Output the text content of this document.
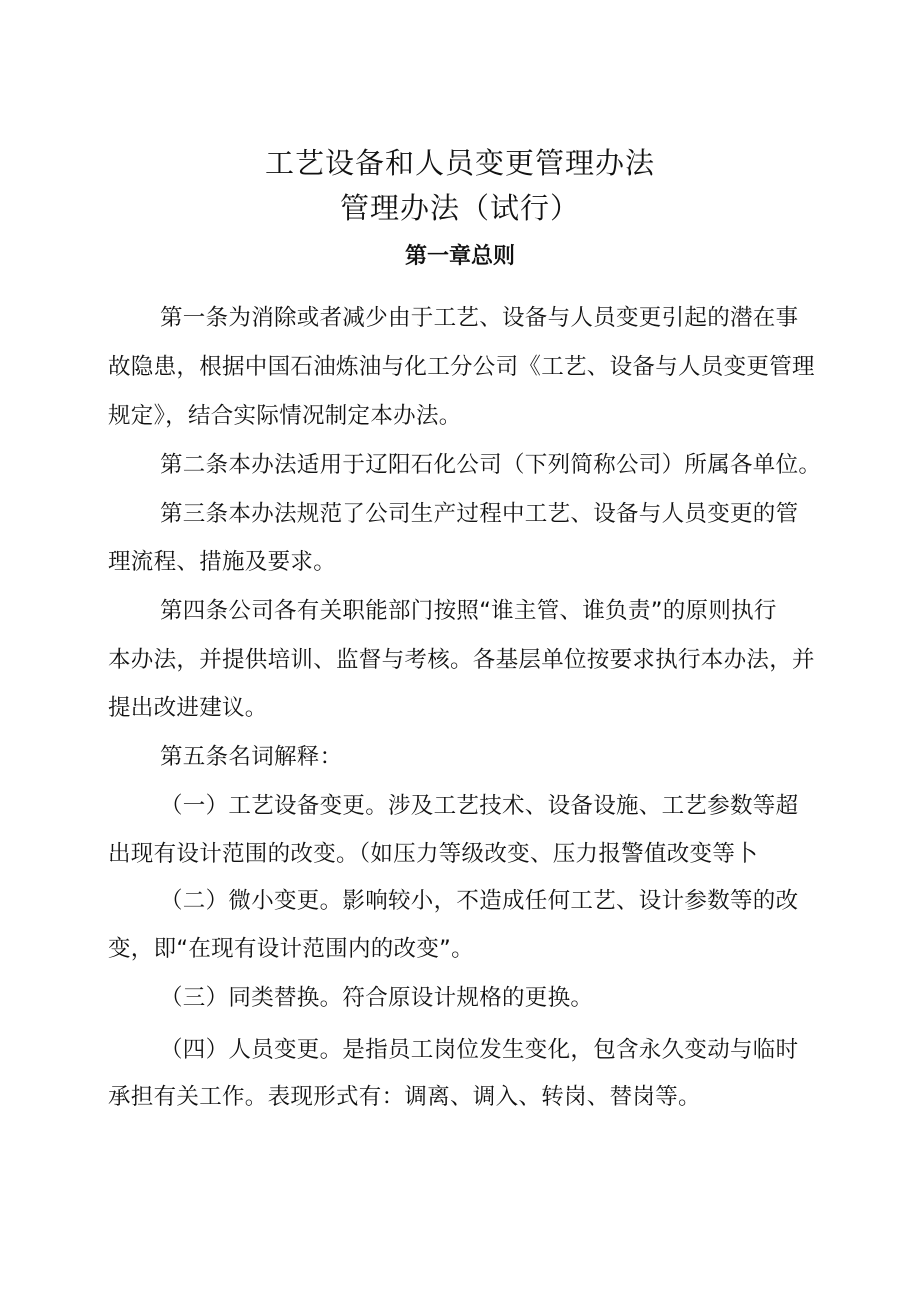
工艺设备和人员变更管理办法
管理办法（试行）
第一章总则
第一条为消除或者减少由于工艺、设备与人员变更引起的潜在事
故隐患，根据中国石油炼油与化工分公司《工艺、设备与人员变更管理
规定》，结合实际情况制定本办法。
第二条本办法适用于辽阳石化公司（下列简称公司）所属各单位。
第三条本办法规范了公司生产过程中工艺、设备与人员变更的管
理流程、措施及要求。
第四条公司各有关职能部门按照“谁主管、谁负责”的原则执行
本办法，并提供培训、监督与考核。各基层单位按要求执行本办法，并
提出改进建议。
第五条名词解释：
（一）工艺设备变更。涉及工艺技术、设备设施、工艺参数等超
出现有设计范围的改变。（如压力等级改变、压力报警值改变等卜
（二）微小变更。影响较小，不造成任何工艺、设计参数等的改
变，即“在现有设计范围内的改变”。
（三）同类替换。符合原设计规格的更换。
（四）人员变更。是指员工岗位发生变化，包含永久变动与临时
承担有关工作。表现形式有：调离、调入、转岗、替岗等。
